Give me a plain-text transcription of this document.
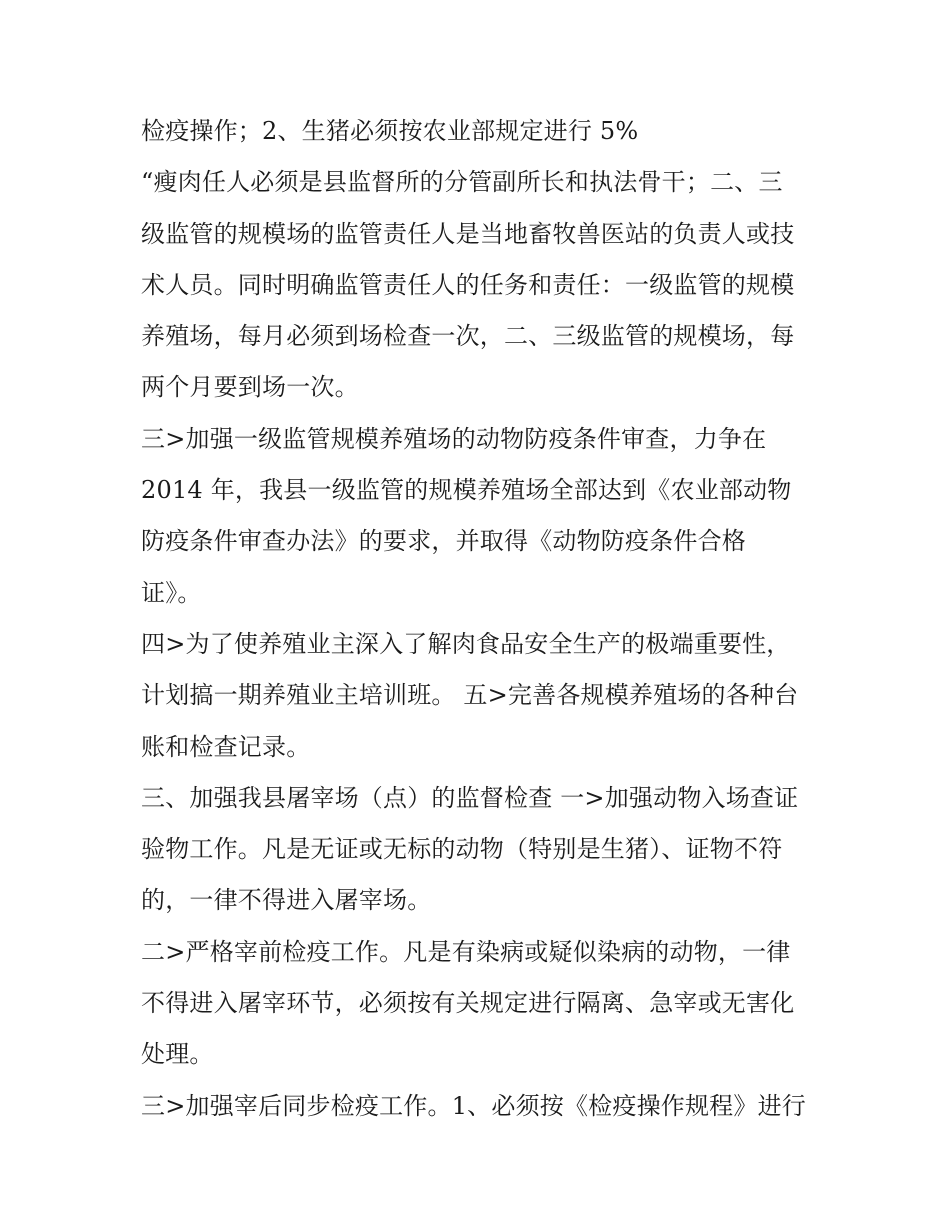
检疫操作；2、生猪必须按农业部规定进行 5%
“瘦肉任人必须是县监督所的分管副所长和执法骨干；二、三
级监管的规模场的监管责任人是当地畜牧兽医站的负责人或技
术人员。同时明确监管责任人的任务和责任：一级监管的规模
养殖场，每月必须到场检查一次，二、三级监管的规模场，每
两个月要到场一次。
三>加强一级监管规模养殖场的动物防疫条件审查，力争在
2014 年，我县一级监管的规模养殖场全部达到《农业部动物
防疫条件审查办法》的要求，并取得《动物防疫条件合格
证》。
四>为了使养殖业主深入了解肉食品安全生产的极端重要性，
计划搞一期养殖业主培训班。 五>完善各规模养殖场的各种台
账和检查记录。
三、加强我县屠宰场（点）的监督检查 一>加强动物入场查证
验物工作。凡是无证或无标的动物（特别是生猪）、证物不符
的，一律不得进入屠宰场。
二>严格宰前检疫工作。凡是有染病或疑似染病的动物，一律
不得进入屠宰环节，必须按有关规定进行隔离、急宰或无害化
处理。
三>加强宰后同步检疫工作。1、必须按《检疫操作规程》进行
